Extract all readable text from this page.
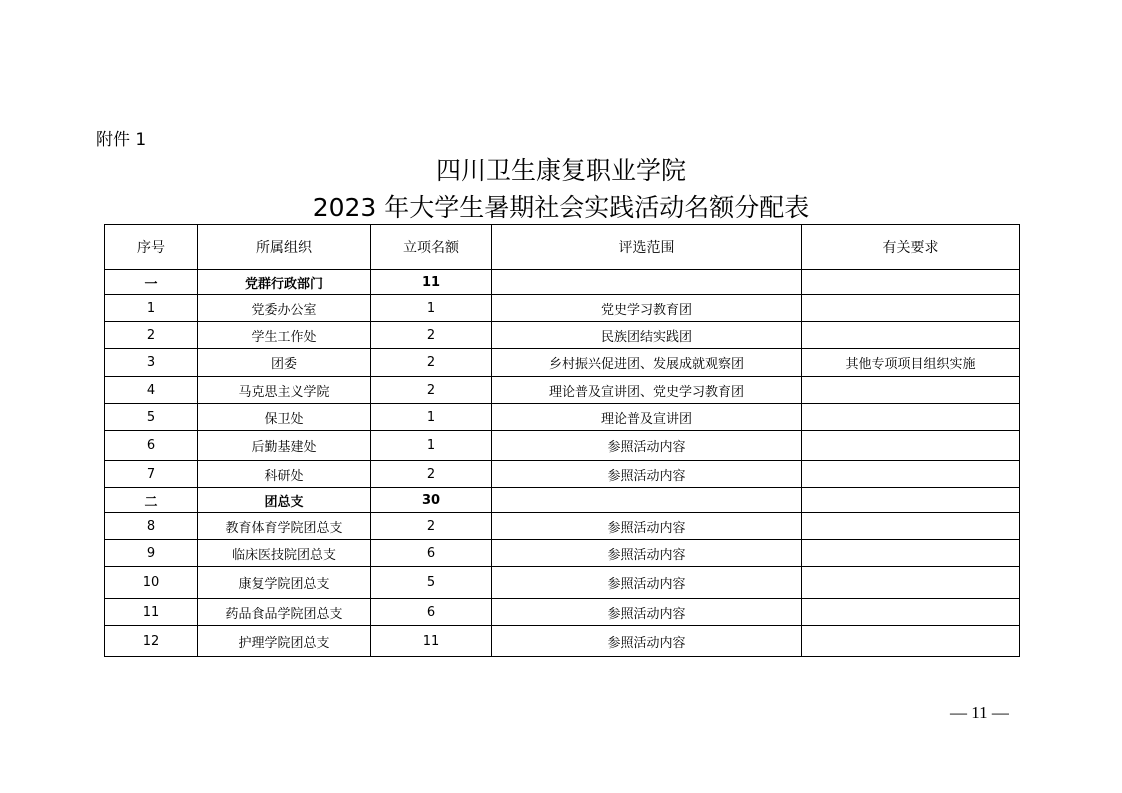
附件 1
四川卫生康复职业学院
2023 年大学生暑期社会实践活动名额分配表
序号	所属组织	立项名额	评选范围	有关要求
一	党群行政部门	11		
1	党委办公室	1	党史学习教育团	
2	学生工作处	2	民族团结实践团	
3	团委	2	乡村振兴促进团、发展成就观察团	其他专项项目组织实施
4	马克思主义学院	2	理论普及宣讲团、党史学习教育团	
5	保卫处	1	理论普及宣讲团	
6	后勤基建处	1	参照活动内容	
7	科研处	2	参照活动内容	
二	团总支	30		
8	教育体育学院团总支	2	参照活动内容	
9	临床医技院团总支	6	参照活动内容	
10	康复学院团总支	5	参照活动内容	
11	药品食品学院团总支	6	参照活动内容	
12	护理学院团总支	11	参照活动内容	
— 11 —
